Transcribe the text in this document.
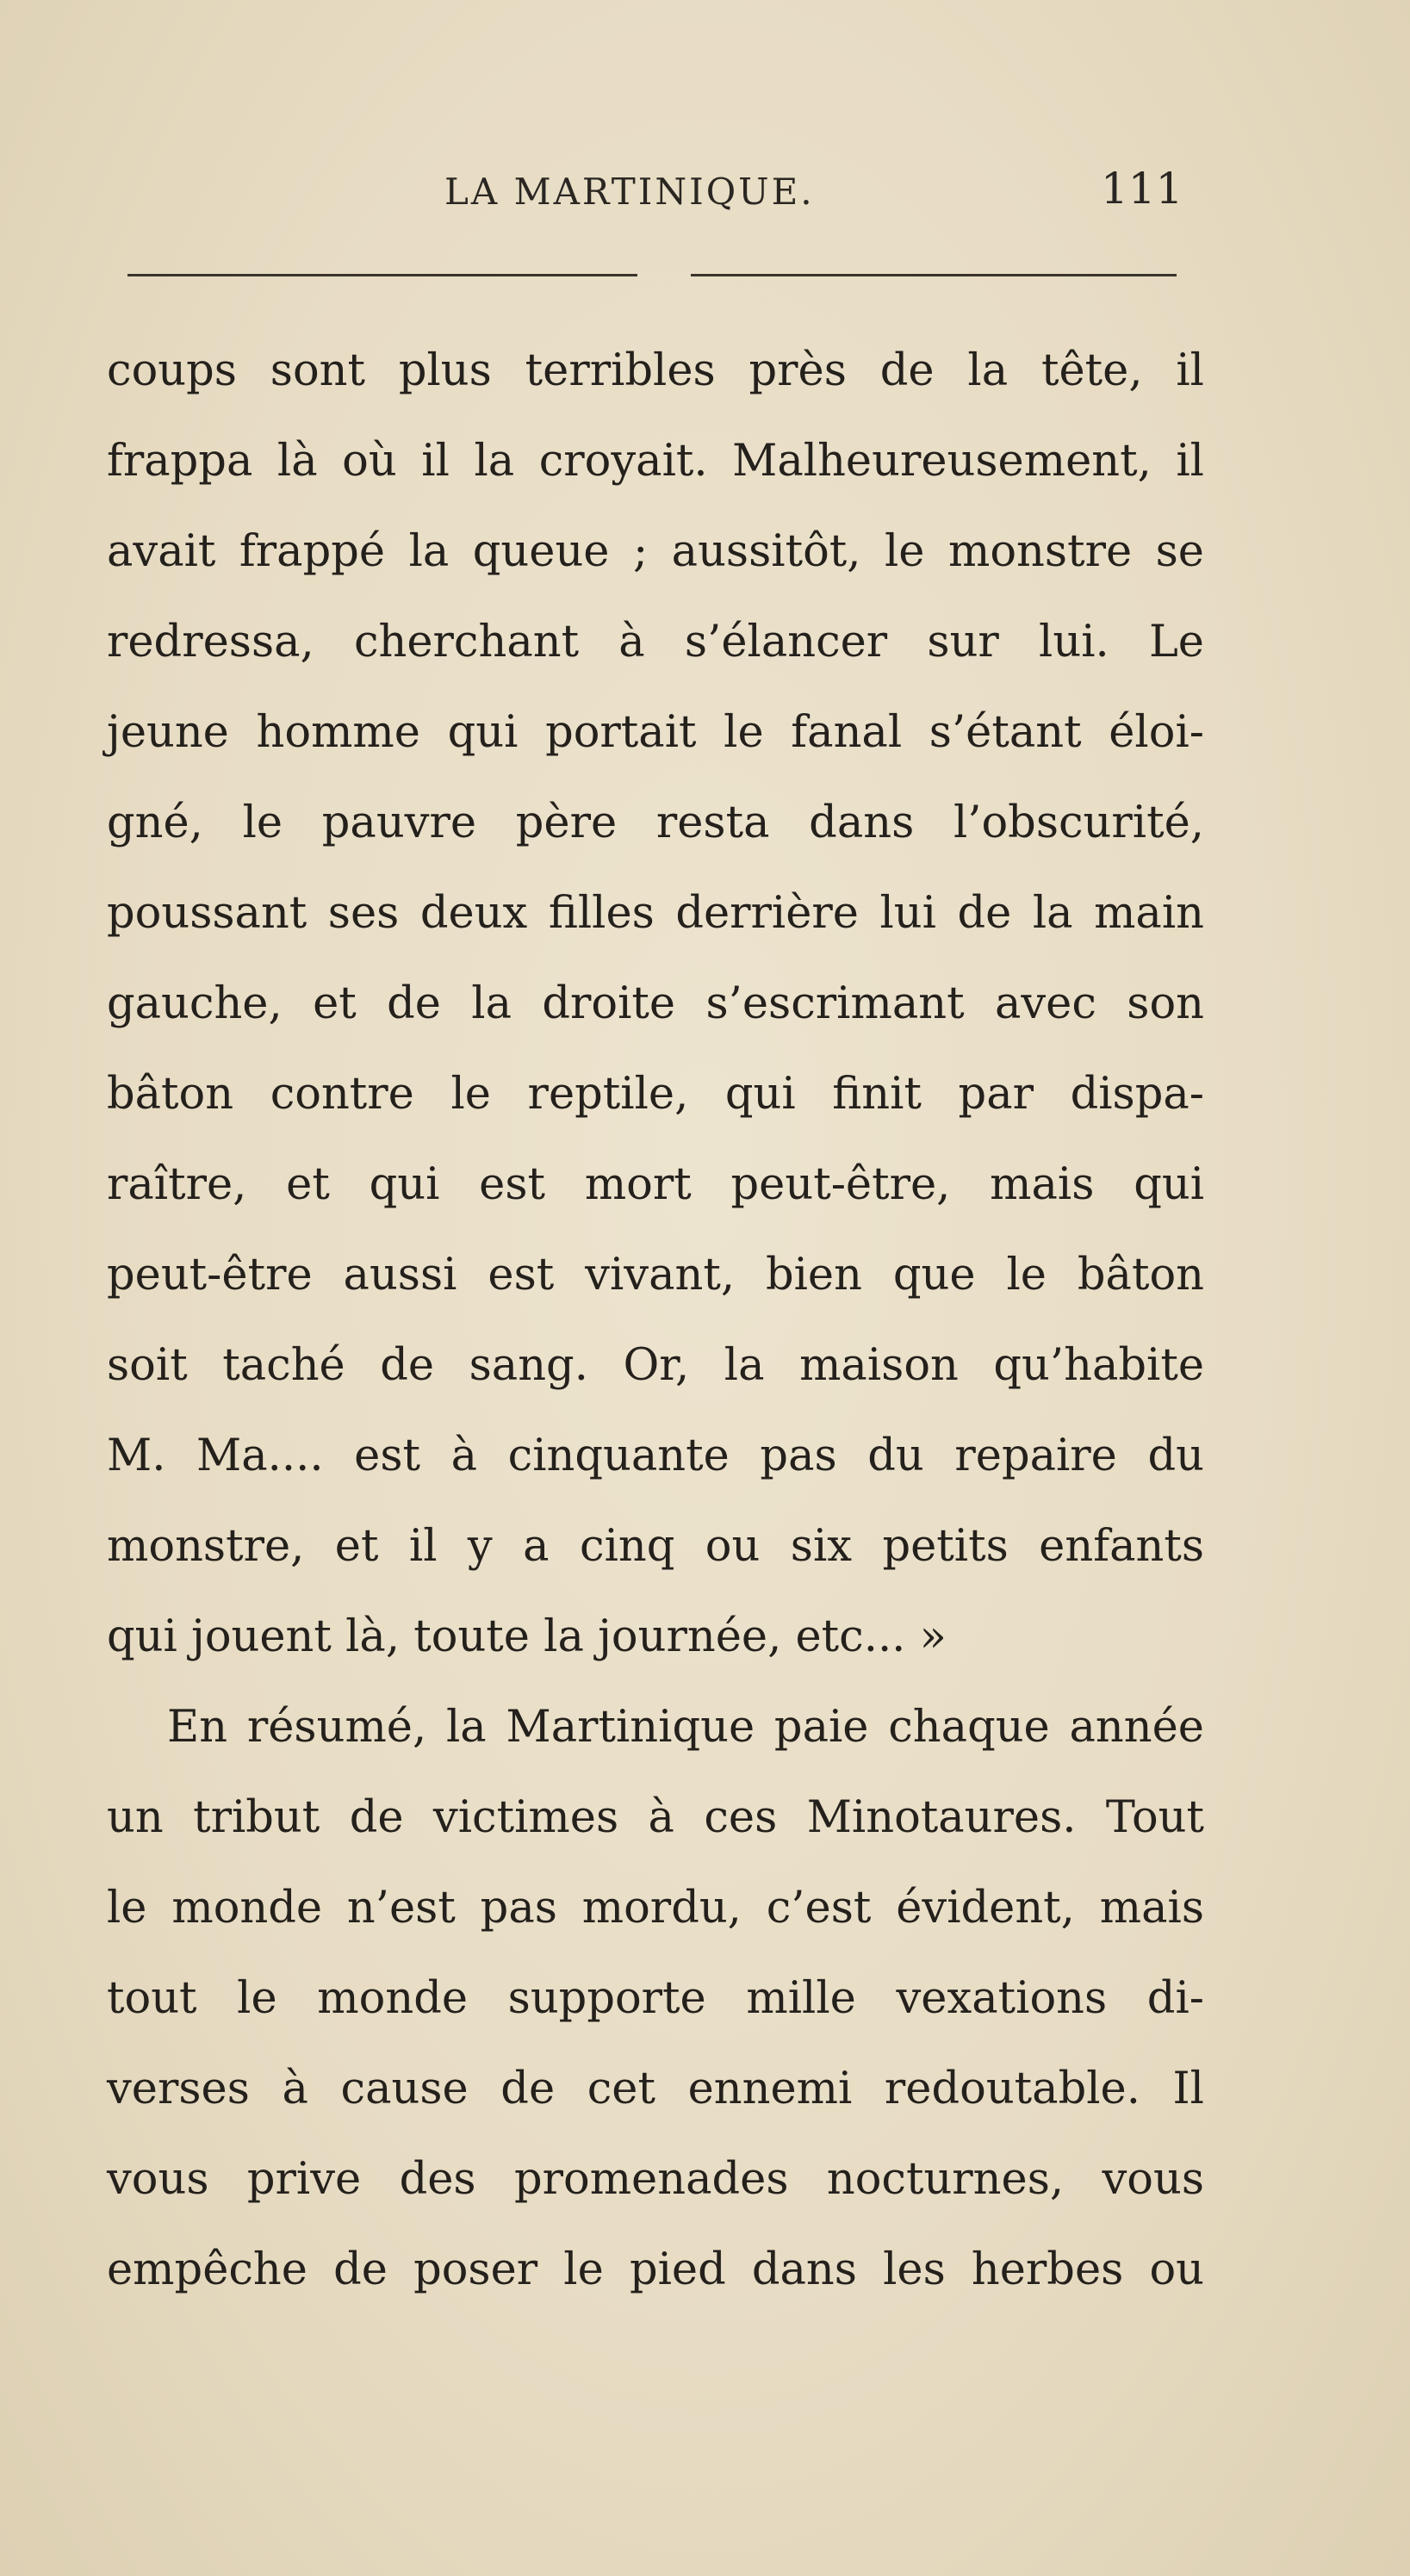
LA MARTINIQUE.	111
coups sont plus terribles près de la tête, il
frappa là où il la croyait. Malheureusement, il
avait frappé la queue ; aussitôt, le monstre se
redressa, cherchant à s’élancer sur lui. Le
jeune homme qui portait le fanal s’étant éloi-
gné, le pauvre père resta dans l’obscurité,
poussant ses deux filles derrière lui de la main
gauche, et de la droite s’escrimant avec son
bâton contre le reptile, qui finit par dispa-
raître, et qui est mort peut-être, mais qui
peut-être aussi est vivant, bien que le bâton
soit taché de sang. Or, la maison qu’habite
M. Ma.... est à cinquante pas du repaire du
monstre, et il y a cinq ou six petits enfants
qui jouent là, toute la journée, etc... »
En résumé, la Martinique paie chaque année
un tribut de victimes à ces Minotaures. Tout
le monde n’est pas mordu, c’est évident, mais
tout le monde supporte mille vexations di-
verses à cause de cet ennemi redoutable. Il
vous prive des promenades nocturnes, vous
empêche de poser le pied dans les herbes ou
